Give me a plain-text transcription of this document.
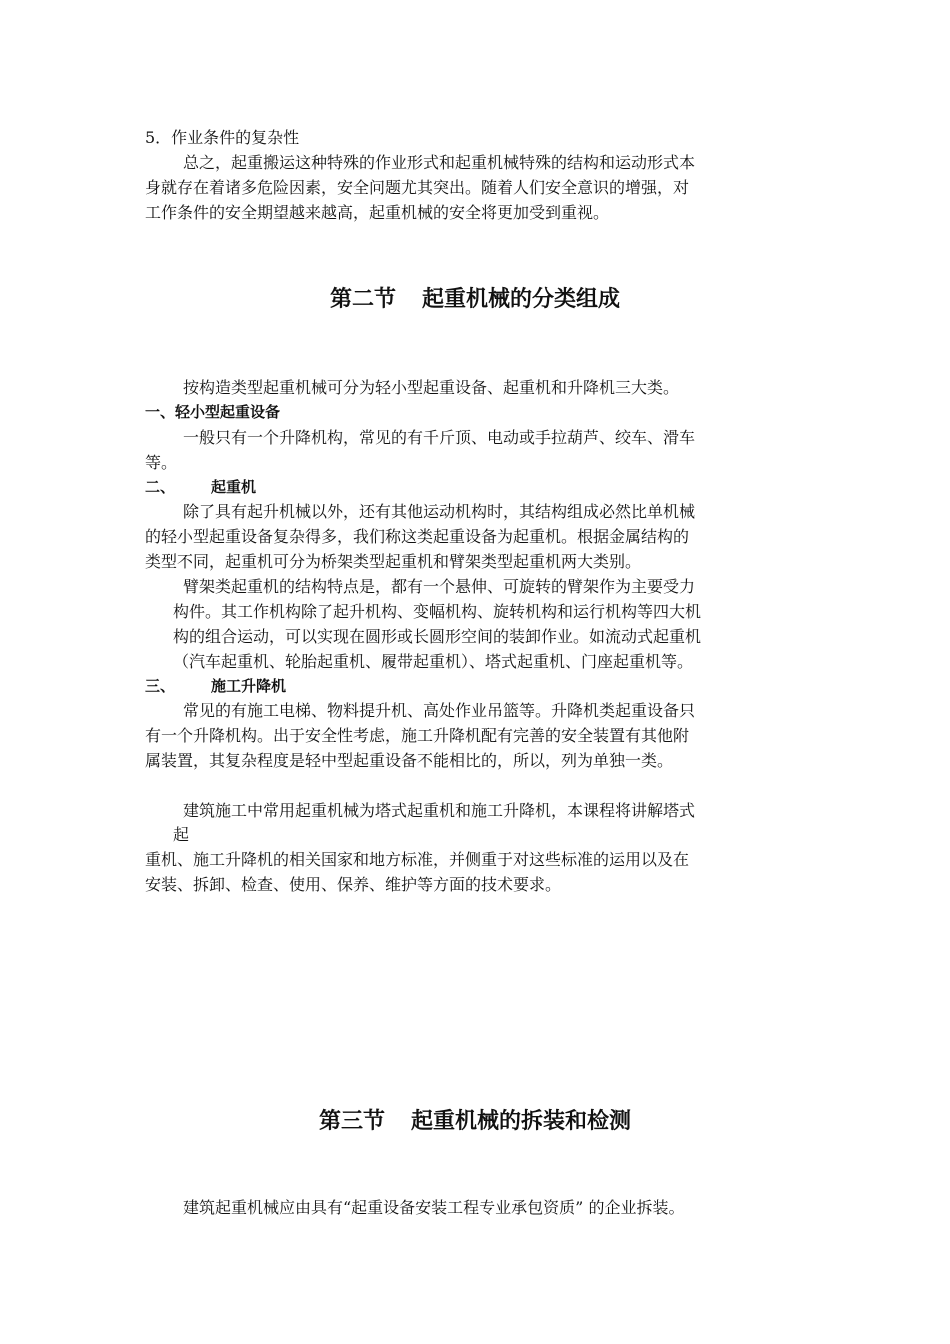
5．作业条件的复杂性

总之，起重搬运这种特殊的作业形式和起重机械特殊的结构和运动形式本

身就存在着诸多危险因素，安全问题尤其突出。随着人们安全意识的增强，对

工作条件的安全期望越来越高，起重机械的安全将更加受到重视。

第二节 起重机械的分类组成

按构造类型起重机械可分为轻小型起重设备、起重机和升降机三大类。

一、轻小型起重设备

一般只有一个升降机构，常见的有千斤顶、电动或手拉葫芦、绞车、滑车

等。

二、 起重机

除了具有起升机械以外，还有其他运动机构时，其结构组成必然比单机械

的轻小型起重设备复杂得多，我们称这类起重设备为起重机。根据金属结构的

类型不同，起重机可分为桥架类型起重机和臂架类型起重机两大类别。

臂架类起重机的结构特点是，都有一个悬伸、可旋转的臂架作为主要受力

构件。其工作机构除了起升机构、变幅机构、旋转机构和运行机构等四大机

构的组合运动，可以实现在圆形或长圆形空间的装卸作业。如流动式起重机

（汽车起重机、轮胎起重机、履带起重机）、塔式起重机、门座起重机等。

三、 施工升降机

常见的有施工电梯、物料提升机、高处作业吊篮等。升降机类起重设备只

有一个升降机构。出于安全性考虑，施工升降机配有完善的安全装置有其他附

属装置，其复杂程度是轻中型起重设备不能相比的，所以，列为单独一类。

建筑施工中常用起重机械为塔式起重机和施工升降机，本课程将讲解塔式

起

重机、施工升降机的相关国家和地方标准，并侧重于对这些标准的运用以及在

安装、拆卸、检查、使用、保养、维护等方面的技术要求。

第三节 起重机械的拆装和检测

建筑起重机械应由具有“起重设备安装工程专业承包资质” 的企业拆装。
